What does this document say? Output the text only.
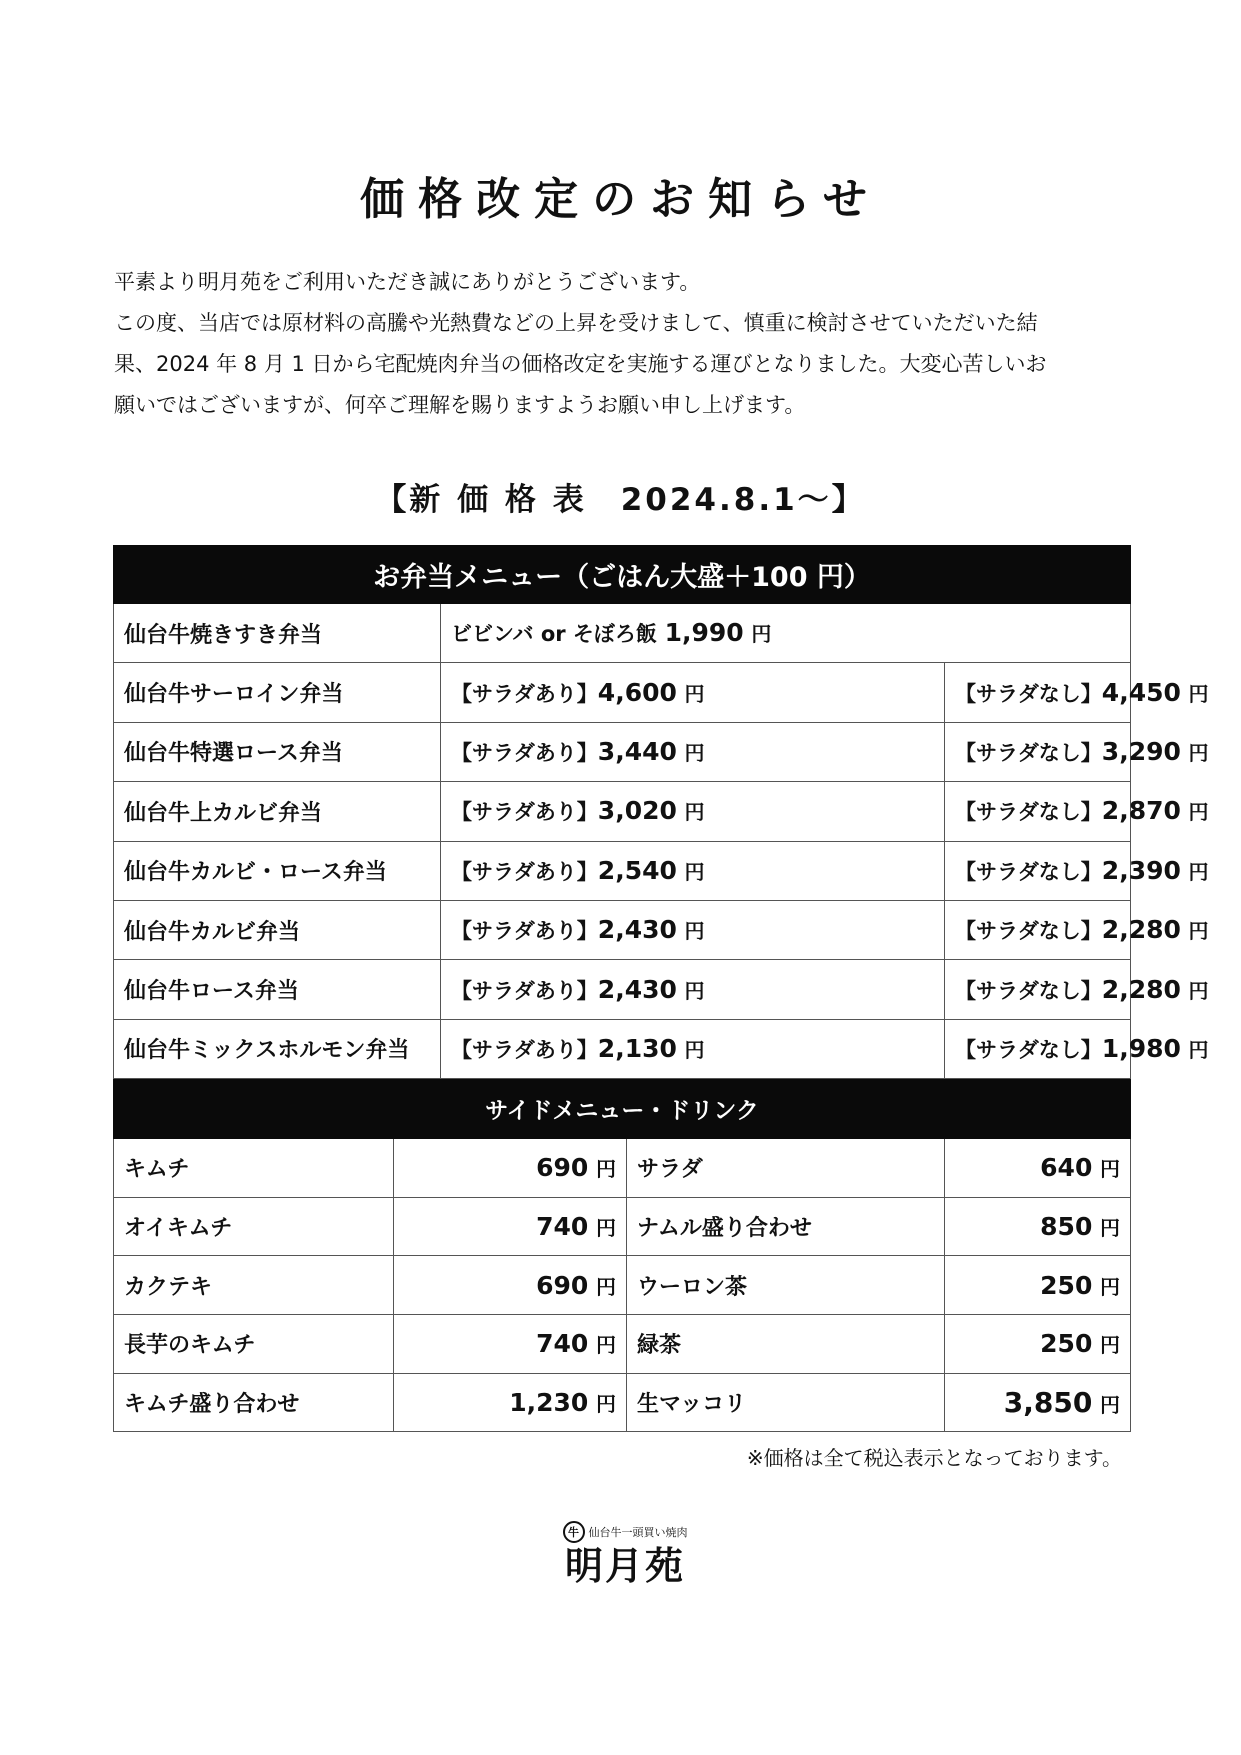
価格改定のお知らせ

平素より明月苑をご利用いただき誠にありがとうございます。

この度、当店では原材料の高騰や光熱費などの上昇を受けまして、慎重に検討させていただいた結

果、2024 年 8 月 1 日から宅配焼肉弁当の価格改定を実施する運びとなりました。大変心苦しいお

願いではございますが、何卒ご理解を賜りますようお願い申し上げます。

【新 価 格 表　2024.8.1〜】
お弁当メニュー（ごはん大盛＋100 円）				
仙台牛焼きすき弁当		ビビンバ or そぼろ飯 1,990 円		
仙台牛サーロイン弁当		【サラダあり】4,600 円		【サラダなし】4,450 円
仙台牛特選ロース弁当		【サラダあり】3,440 円		【サラダなし】3,290 円
仙台牛上カルビ弁当		【サラダあり】3,020 円		【サラダなし】2,870 円
仙台牛カルビ・ロース弁当		【サラダあり】2,540 円		【サラダなし】2,390 円
仙台牛カルビ弁当		【サラダあり】2,430 円		【サラダなし】2,280 円
仙台牛ロース弁当		【サラダあり】2,430 円		【サラダなし】2,280 円
仙台牛ミックスホルモン弁当		【サラダあり】2,130 円		【サラダなし】1,980 円
サイドメニュー・ドリンク				
キムチ	690 円		サラダ	640 円
オイキムチ	740 円		ナムル盛り合わせ	850 円
カクテキ	690 円		ウーロン茶	250 円
長芋のキムチ	740 円		緑茶	250 円
キムチ盛り合わせ	1,230 円		生マッコリ	3,850 円
※価格は全て税込表示となっております。
牛 仙台牛一頭買い焼肉
明月苑
